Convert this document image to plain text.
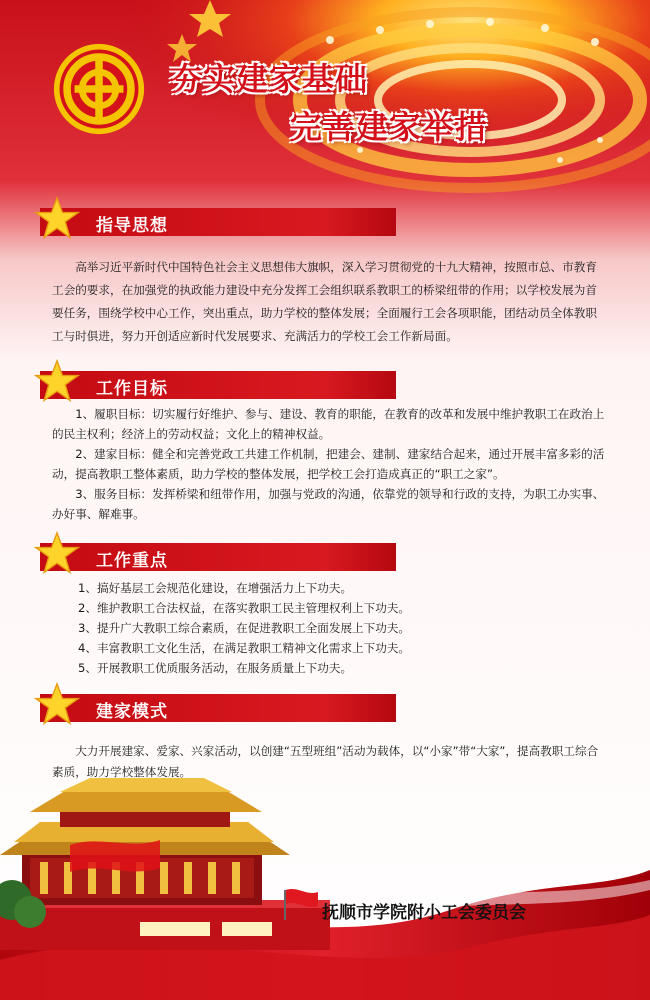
夯实建家基础
完善建家举措
指导思想

高举习近平新时代中国特色社会主义思想伟大旗帜，深入学习贯彻党的十九大精神，按照市总、市教育工会的要求，在加强党的执政能力建设中充分发挥工会组织联系教职工的桥梁纽带的作用；以学校发展为首要任务，围绕学校中心工作，突出重点，助力学校的整体发展；全面履行工会各项职能，团结动员全体教职工与时俱进，努力开创适应新时代发展要求、充满活力的学校工会工作新局面。

工作目标

1、履职目标：切实履行好维护、参与、建设、教育的职能，在教育的改革和发展中维护教职工在政治上的民主权利；经济上的劳动权益；文化上的精神权益。

2、建家目标：健全和完善党政工共建工作机制，把建会、建制、建家结合起来，通过开展丰富多彩的活动，提高教职工整体素质，助力学校的整体发展，把学校工会打造成真正的“职工之家”。

3、服务目标：发挥桥梁和纽带作用，加强与党政的沟通，依靠党的领导和行政的支持，为职工办实事、办好事、解难事。

工作重点

1、搞好基层工会规范化建设，在增强活力上下功夫。

2、维护教职工合法权益，在落实教职工民主管理权利上下功夫。

3、提升广大教职工综合素质，在促进教职工全面发展上下功夫。

4、丰富教职工文化生活，在满足教职工精神文化需求上下功夫。

5、开展教职工优质服务活动，在服务质量上下功夫。

建家模式

大力开展建家、爱家、兴家活动，以创建“五型班组”活动为载体，以“小家”带“大家”，提高教职工综合素质，助力学校整体发展。

抚顺市学院附小工会委员会
